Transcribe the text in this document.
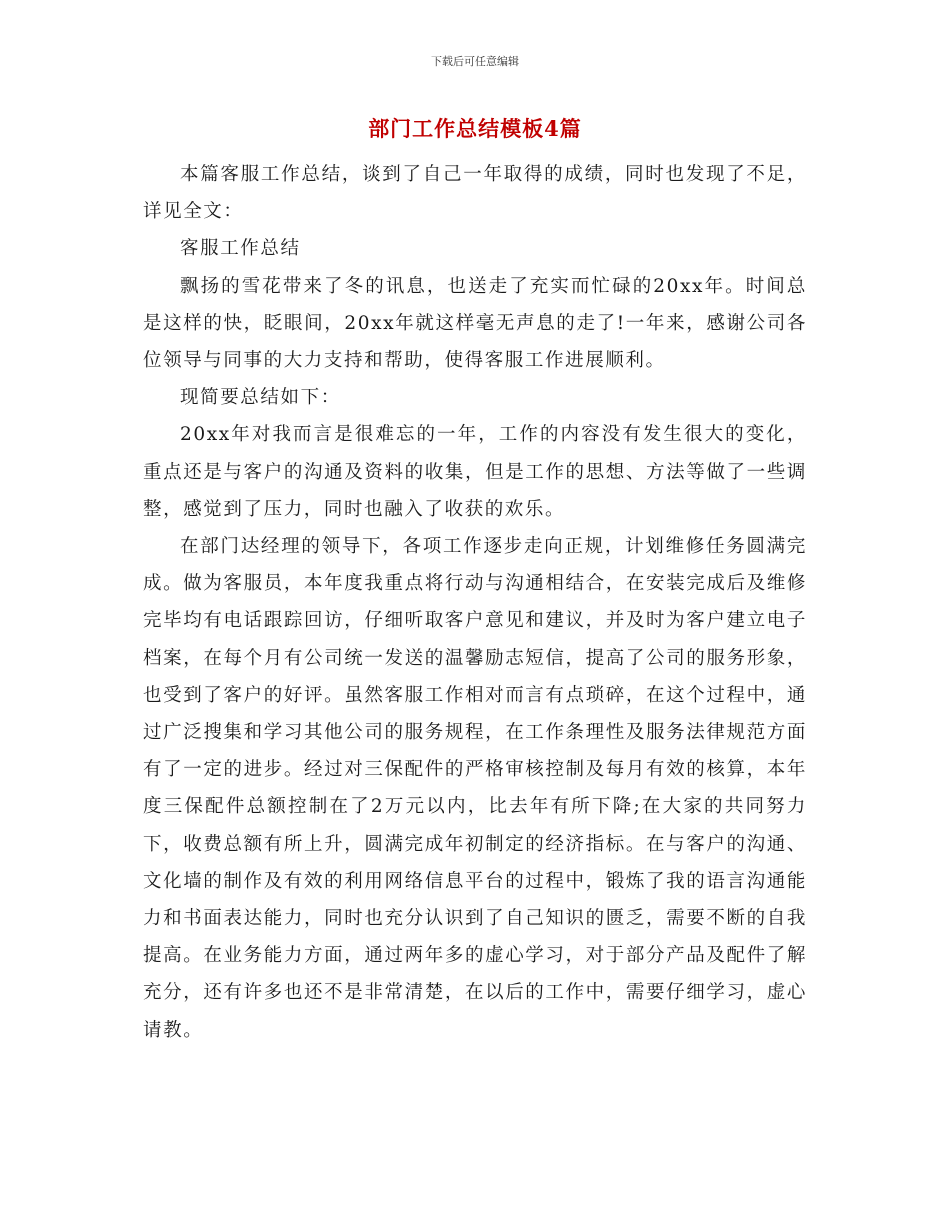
下载后可任意编辑
部门工作总结模板4篇

本篇客服工作总结，谈到了自己一年取得的成绩，同时也发现了不足，详见全文：

客服工作总结

飘扬的雪花带来了冬的讯息，也送走了充实而忙碌的20xx年。时间总是这样的快，眨眼间，20xx年就这样毫无声息的走了!一年来，感谢公司各位领导与同事的大力支持和帮助，使得客服工作进展顺利。

现简要总结如下：

20xx年对我而言是很难忘的一年，工作的内容没有发生很大的变化，重点还是与客户的沟通及资料的收集，但是工作的思想、方法等做了一些调整，感觉到了压力，同时也融入了收获的欢乐。

在部门达经理的领导下，各项工作逐步走向正规，计划维修任务圆满完成。做为客服员，本年度我重点将行动与沟通相结合，在安装完成后及维修完毕均有电话跟踪回访，仔细听取客户意见和建议，并及时为客户建立电子档案，在每个月有公司统一发送的温馨励志短信，提高了公司的服务形象，也受到了客户的好评。虽然客服工作相对而言有点琐碎，在这个过程中，通过广泛搜集和学习其他公司的服务规程，在工作条理性及服务法律规范方面有了一定的进步。经过对三保配件的严格审核控制及每月有效的核算，本年度三保配件总额控制在了2万元以内，比去年有所下降;在大家的共同努力下，收费总额有所上升，圆满完成年初制定的经济指标。在与客户的沟通、文化墙的制作及有效的利用网络信息平台的过程中，锻炼了我的语言沟通能力和书面表达能力，同时也充分认识到了自己知识的匮乏，需要不断的自我提高。在业务能力方面，通过两年多的虚心学习，对于部分产品及配件了解充分，还有许多也还不是非常清楚，在以后的工作中，需要仔细学习，虚心请教。
